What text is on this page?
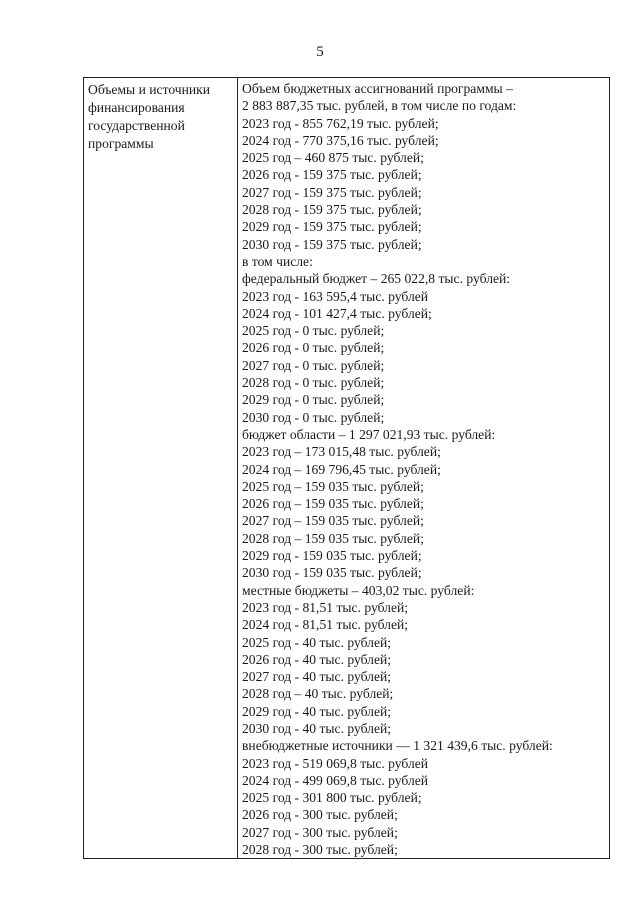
5
Объемы и источники
финансирования
государственной
программы

Объем бюджетных ассигнований программы –
2 883 887,35 тыс. рублей, в том числе по годам:
2023 год - 855 762,19 тыс. рублей;
2024 год - 770 375,16 тыс. рублей;
2025 год – 460 875 тыс. рублей;
2026 год - 159 375 тыс. рублей;
2027 год - 159 375 тыс. рублей;
2028 год - 159 375 тыс. рублей;
2029 год - 159 375 тыс. рублей;
2030 год - 159 375 тыс. рублей;
в том числе:
федеральный бюджет – 265 022,8 тыс. рублей:
2023 год - 163 595,4 тыс. рублей
2024 год - 101 427,4 тыс. рублей;
2025 год - 0 тыс. рублей;
2026 год - 0 тыс. рублей;
2027 год - 0 тыс. рублей;
2028 год - 0 тыс. рублей;
2029 год - 0 тыс. рублей;
2030 год - 0 тыс. рублей;
бюджет области – 1 297 021,93 тыс. рублей:
2023 год – 173 015,48 тыс. рублей;
2024 год – 169 796,45 тыс. рублей;
2025 год – 159 035 тыс. рублей;
2026 год – 159 035 тыс. рублей;
2027 год – 159 035 тыс. рублей;
2028 год – 159 035 тыс. рублей;
2029 год - 159 035 тыс. рублей;
2030 год - 159 035 тыс. рублей;
местные бюджеты – 403,02 тыс. рублей:
2023 год - 81,51 тыс. рублей;
2024 год - 81,51 тыс. рублей;
2025 год - 40 тыс. рублей;
2026 год - 40 тыс. рублей;
2027 год - 40 тыс. рублей;
2028 год – 40 тыс. рублей;
2029 год - 40 тыс. рублей;
2030 год - 40 тыс. рублей;
внебюджетные источники — 1 321 439,6 тыс. рублей:
2023 год - 519 069,8 тыс. рублей
2024 год - 499 069,8 тыс. рублей
2025 год - 301 800 тыс. рублей;
2026 год - 300 тыс. рублей;
2027 год - 300 тыс. рублей;
2028 год - 300 тыс. рублей;
